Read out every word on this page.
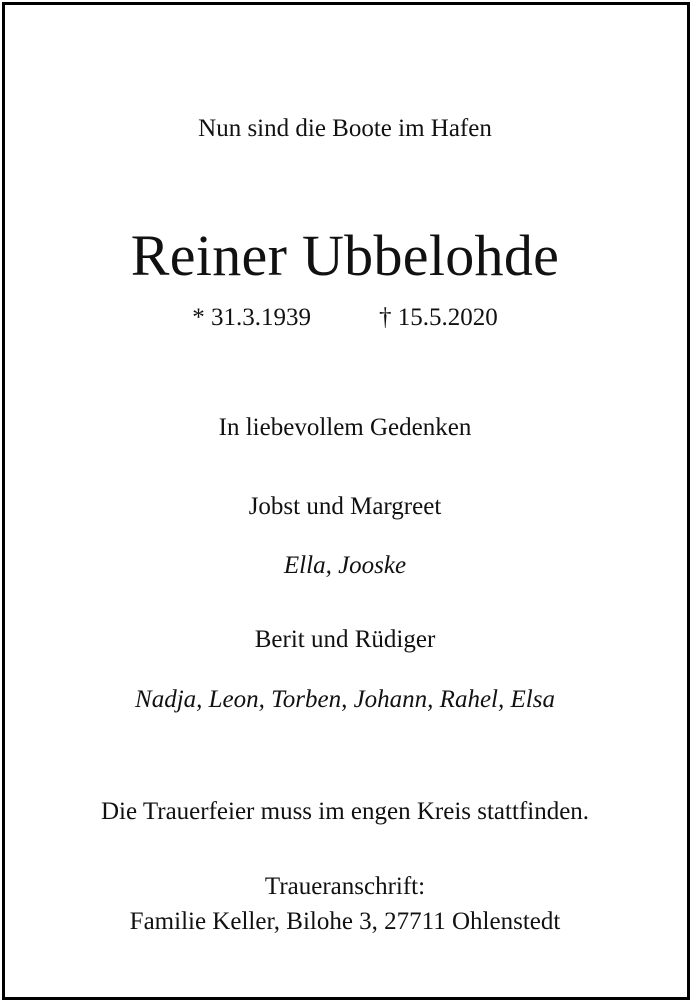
Nun sind die Boote im Hafen
Reiner Ubbelohde
* 31.3.1939	† 15.5.2020
In liebevollem Gedenken
Jobst und Margreet
Ella, Jooske
Berit und Rüdiger
Nadja, Leon, Torben, Johann, Rahel, Elsa
Die Trauerfeier muss im engen Kreis stattfinden.
Traueranschrift:
Familie Keller, Bilohe 3, 27711 Ohlenstedt
